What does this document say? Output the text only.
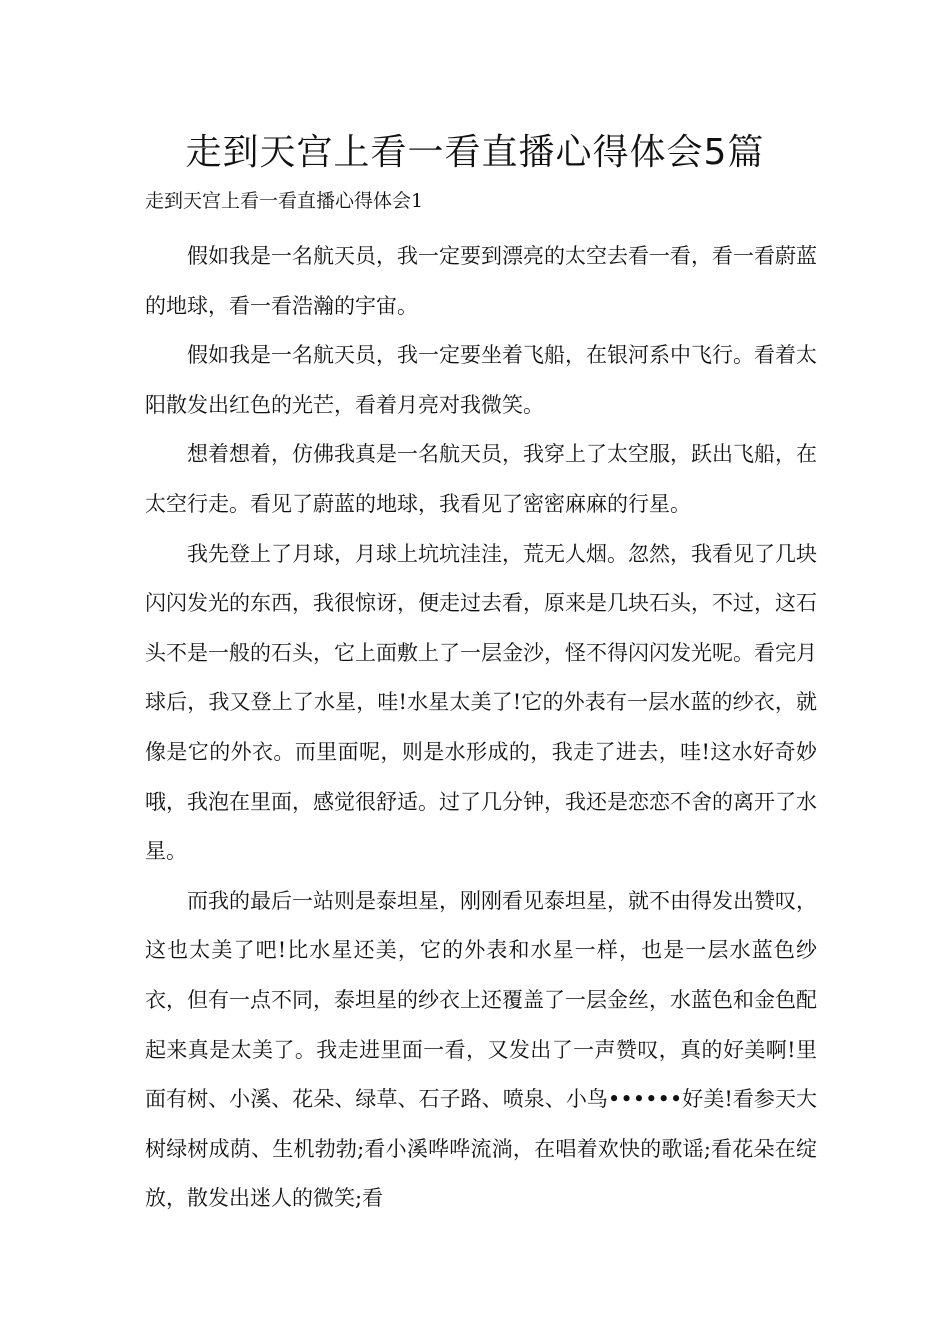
走到天宫上看一看直播心得体会5篇
走到天宫上看一看直播心得体会1

假如我是一名航天员，我一定要到漂亮的太空去看一看，看一看蔚蓝的地球，看一看浩瀚的宇宙。

假如我是一名航天员，我一定要坐着飞船，在银河系中飞行。看着太阳散发出红色的光芒，看着月亮对我微笑。

想着想着，仿佛我真是一名航天员，我穿上了太空服，跃出飞船，在太空行走。看见了蔚蓝的地球，我看见了密密麻麻的行星。

我先登上了月球，月球上坑坑洼洼，荒无人烟。忽然，我看见了几块闪闪发光的东西，我很惊讶，便走过去看，原来是几块石头，不过，这石头不是一般的石头，它上面敷上了一层金沙，怪不得闪闪发光呢。看完月球后，我又登上了水星，哇!水星太美了!它的外表有一层水蓝的纱衣，就像是它的外衣。而里面呢，则是水形成的，我走了进去，哇!这水好奇妙哦，我泡在里面，感觉很舒适。过了几分钟，我还是恋恋不舍的离开了水星。

而我的最后一站则是泰坦星，刚刚看见泰坦星，就不由得发出赞叹，这也太美了吧!比水星还美，它的外表和水星一样，也是一层水蓝色纱衣，但有一点不同，泰坦星的纱衣上还覆盖了一层金丝，水蓝色和金色配起来真是太美了。我走进里面一看，又发出了一声赞叹，真的好美啊!里面有树、小溪、花朵、绿草、石子路、喷泉、小鸟••••••好美!看参天大树绿树成荫、生机勃勃;看小溪哗哗流淌，在唱着欢快的歌谣;看花朵在绽放，散发出迷人的微笑;看
